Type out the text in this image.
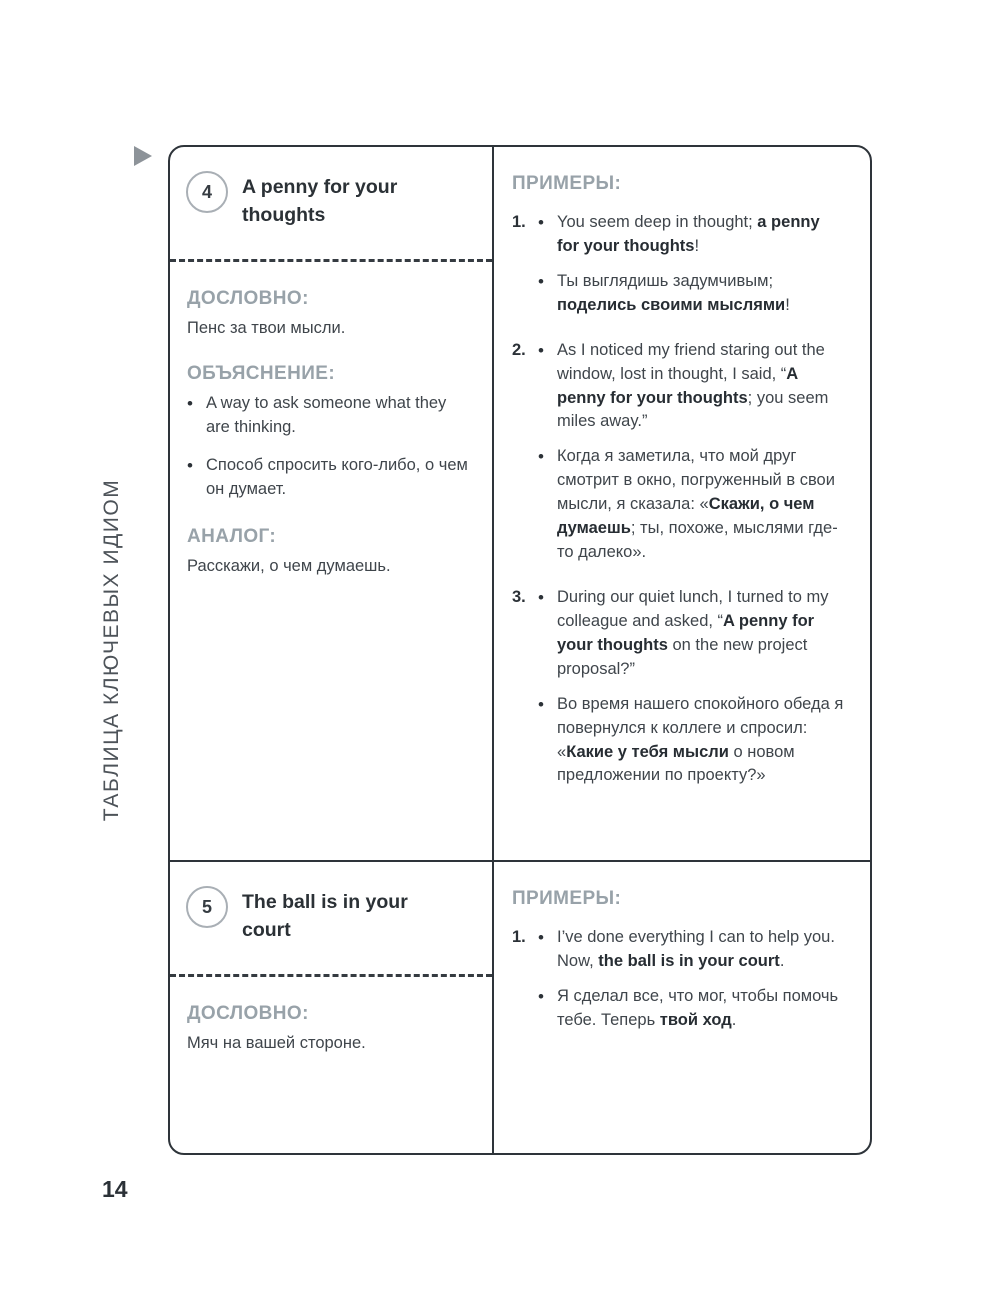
ТАБЛИЦА КЛЮЧЕВЫХ ИДИОМ
4	A penny for your thoughts
ДОСЛОВНО:

Пенс за твои мысли.

ОБЪЯСНЕНИЕ:
• A way to ask someone what they are thinking.

• Способ спросить кого-либо, о чем он думает.

АНАЛОГ:

Расскажи, о чем думаешь.

ПРИМЕРЫ:
1. • You seem deep in thought; a penny for your thoughts!

• Ты выглядишь задумчивым; поделись своими мыслями!

2. • As I noticed my friend staring out the window, lost in thought, I said, “A penny for your thoughts; you seem miles away.”

• Когда я заметила, что мой друг смотрит в окно, погруженный в свои мысли, я сказала: «Скажи, о чем думаешь; ты, похоже, мыслями где-то далеко».

3. • During our quiet lunch, I turned to my colleague and asked, “A penny for your thoughts on the new project proposal?”

• Во время нашего спокойного обеда я повернулся к коллеге и спросил: «Какие у тебя мысли о новом предложении по проекту?»

5	The ball is in your court
ДОСЛОВНО:

Мяч на вашей стороне.

ПРИМЕРЫ:
1. • I’ve done everything I can to help you. Now, the ball is in your court.

• Я сделал все, что мог, чтобы помочь тебе. Теперь твой ход.

14
